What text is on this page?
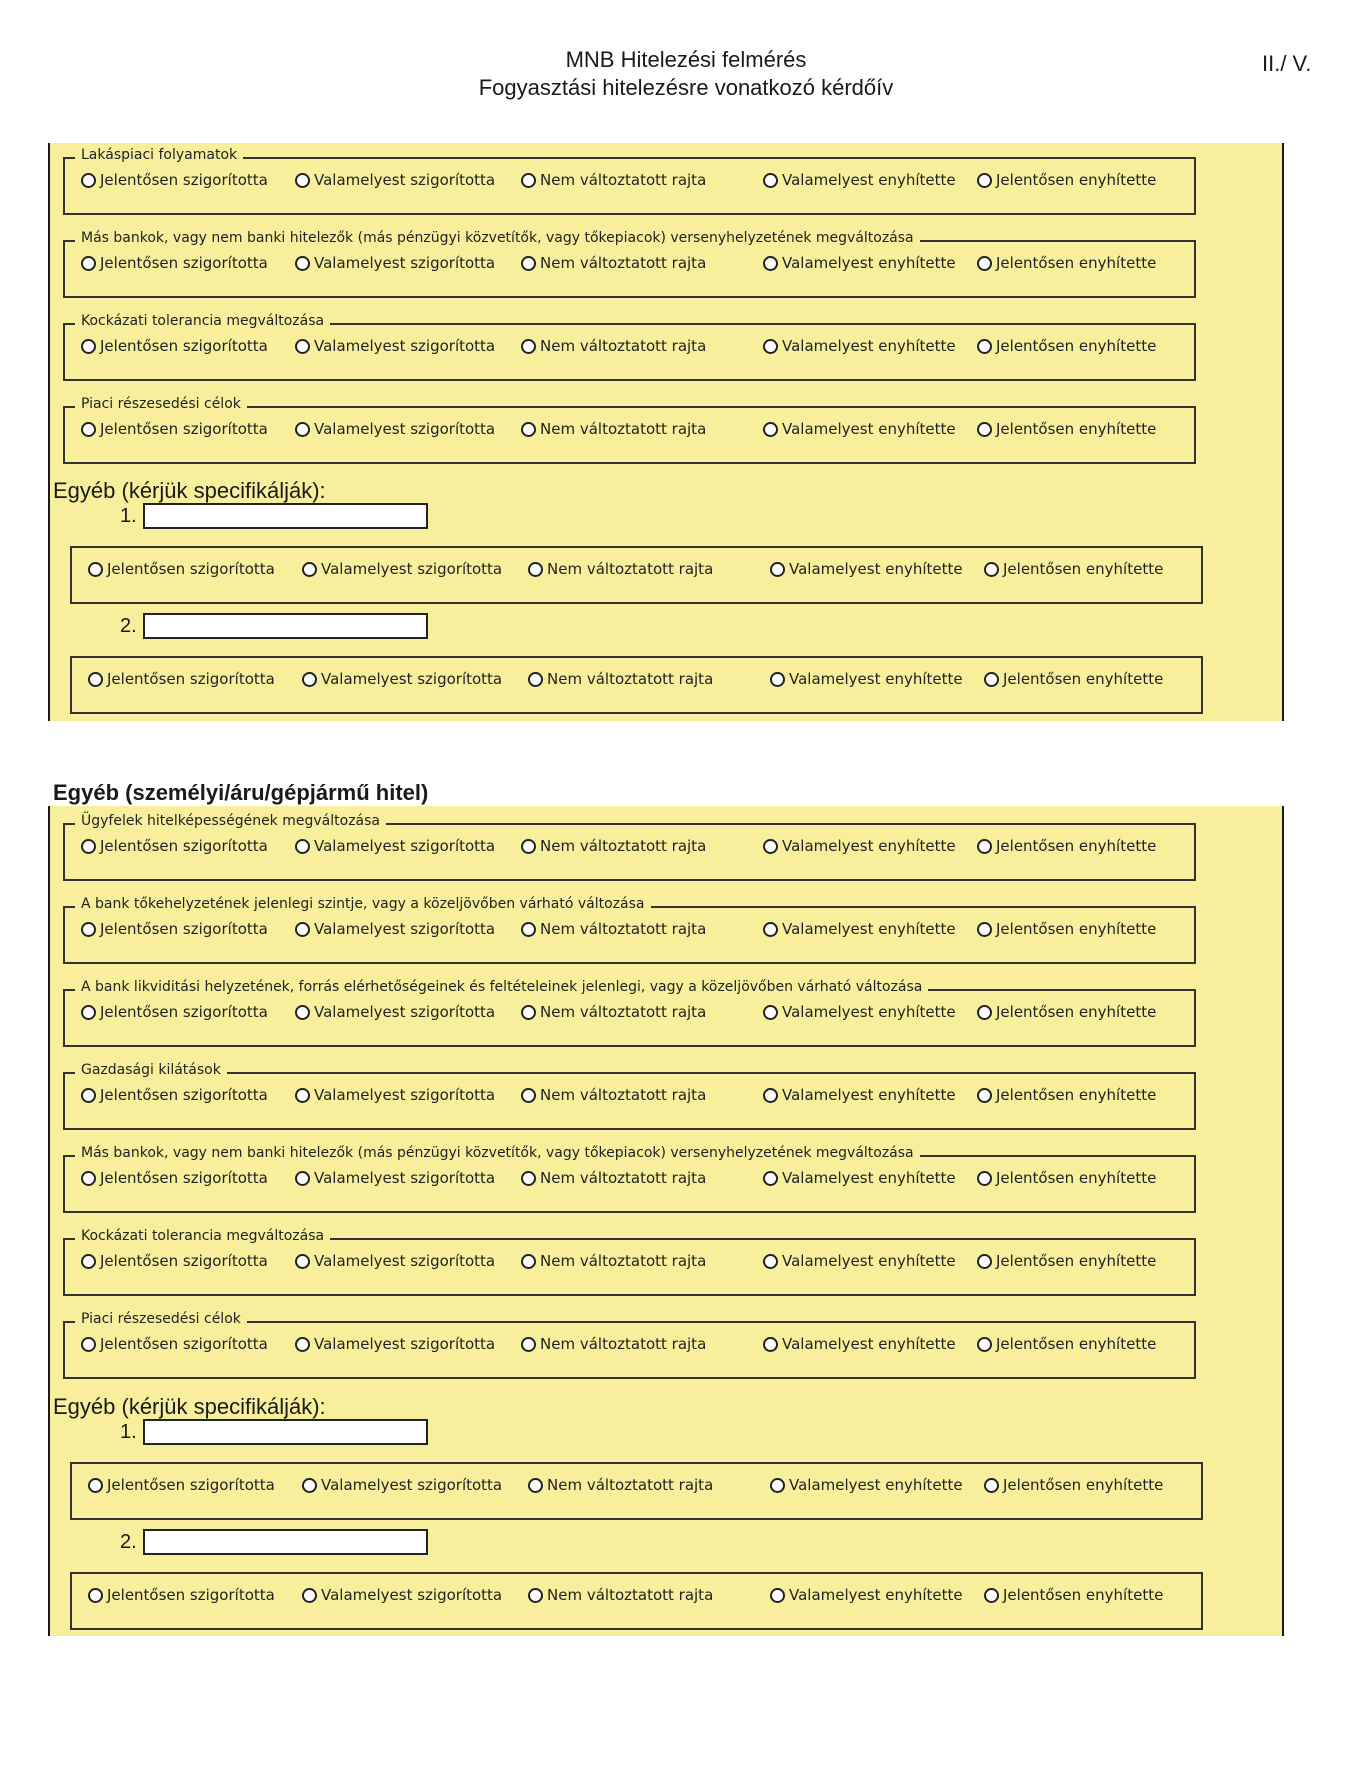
MNB Hitelezési felmérés
Fogyasztási hitelezésre vonatkozó kérdőív
II./ V.
Egyéb (személyi/áru/gépjármű hitel)
Lakáspiaci folyamatok
Jelentősen szigorította	Valamelyest szigorította	Nem változtatott rajta	Valamelyest enyhítette	Jelentősen enyhítette
Más bankok, vagy nem banki hitelezők (más pénzügyi közvetítők, vagy tőkepiacok) versenyhelyzetének megváltozása
Jelentősen szigorította	Valamelyest szigorította	Nem változtatott rajta	Valamelyest enyhítette	Jelentősen enyhítette
Kockázati tolerancia megváltozása
Jelentősen szigorította	Valamelyest szigorította	Nem változtatott rajta	Valamelyest enyhítette	Jelentősen enyhítette
Piaci részesedési célok
Jelentősen szigorította	Valamelyest szigorította	Nem változtatott rajta	Valamelyest enyhítette	Jelentősen enyhítette
Egyéb (kérjük specifikálják):
1.
Jelentősen szigorította	Valamelyest szigorította	Nem változtatott rajta	Valamelyest enyhítette	Jelentősen enyhítette
2.
Jelentősen szigorította	Valamelyest szigorította	Nem változtatott rajta	Valamelyest enyhítette	Jelentősen enyhítette
Ügyfelek hitelképességének megváltozása
Jelentősen szigorította	Valamelyest szigorította	Nem változtatott rajta	Valamelyest enyhítette	Jelentősen enyhítette
A bank tőkehelyzetének jelenlegi szintje, vagy a közeljövőben várható változása
Jelentősen szigorította	Valamelyest szigorította	Nem változtatott rajta	Valamelyest enyhítette	Jelentősen enyhítette
A bank likviditási helyzetének, forrás elérhetőségeinek és feltételeinek jelenlegi, vagy a közeljövőben várható változása
Jelentősen szigorította	Valamelyest szigorította	Nem változtatott rajta	Valamelyest enyhítette	Jelentősen enyhítette
Gazdasági kilátások
Jelentősen szigorította	Valamelyest szigorította	Nem változtatott rajta	Valamelyest enyhítette	Jelentősen enyhítette
Más bankok, vagy nem banki hitelezők (más pénzügyi közvetítők, vagy tőkepiacok) versenyhelyzetének megváltozása
Jelentősen szigorította	Valamelyest szigorította	Nem változtatott rajta	Valamelyest enyhítette	Jelentősen enyhítette
Kockázati tolerancia megváltozása
Jelentősen szigorította	Valamelyest szigorította	Nem változtatott rajta	Valamelyest enyhítette	Jelentősen enyhítette
Piaci részesedési célok
Jelentősen szigorította	Valamelyest szigorította	Nem változtatott rajta	Valamelyest enyhítette	Jelentősen enyhítette
Egyéb (kérjük specifikálják):
1.
Jelentősen szigorította	Valamelyest szigorította	Nem változtatott rajta	Valamelyest enyhítette	Jelentősen enyhítette
2.
Jelentősen szigorította	Valamelyest szigorította	Nem változtatott rajta	Valamelyest enyhítette	Jelentősen enyhítette
